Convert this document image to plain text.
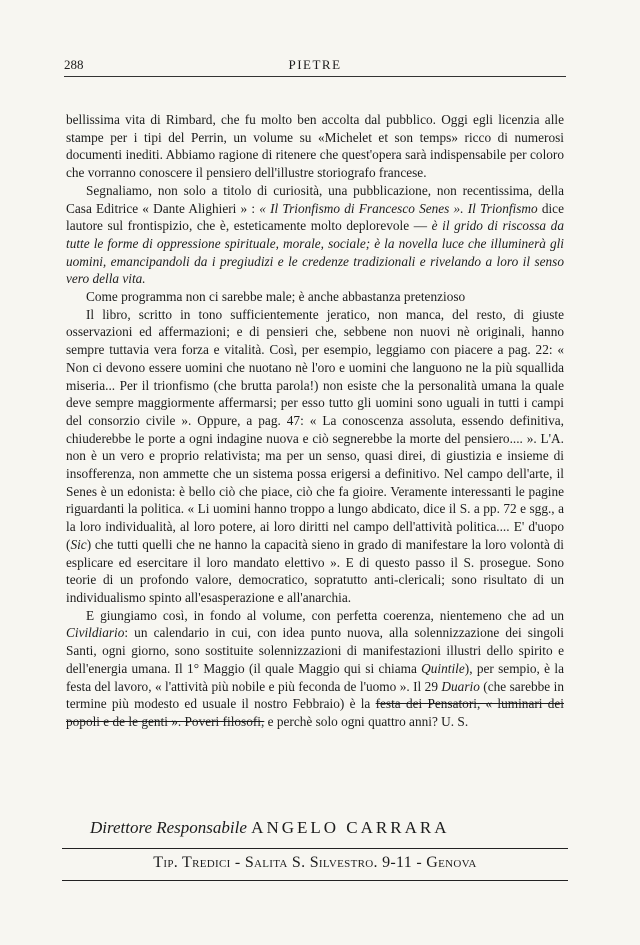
288	PIETRE

bellissima vita di Rimbard, che fu molto ben accolta dal pubblico. Oggi egli licenzia alle stampe per i tipi del Perrin, un volume su «Michelet et son temps» ricco di numerosi documenti inediti. Abbiamo ragione di ritenere che quest'opera sarà indispensabile per coloro che vorranno conoscere il pensiero dell'illustre storiografo francese.

Segnaliamo, non solo a titolo di curiosità, una pubblicazione, non recentissima, della Casa Editrice « Dante Alighieri » : « Il Trionfismo di Francesco Senes ». Il Trionfismo dice lautore sul frontispizio, che è, esteticamente molto deplorevole — è il grido di riscossa da tutte le forme di oppressione spirituale, morale, sociale; è la novella luce che illuminerà gli uomini, emancipandoli da i pregiudizi e le credenze tradizionali e rivelando a loro il senso vero della vita.

Come programma non ci sarebbe male; è anche abbastanza pretenzioso

Il libro, scritto in tono sufficientemente jeratico, non manca, del resto, di giuste osservazioni ed affermazioni; e di pensieri che, sebbene non nuovi nè originali, hanno sempre tuttavia vera forza e vitalità. Così, per esempio, leggiamo con piacere a pag. 22: « Non ci devono essere uomini che nuotano nè l'oro e uomini che languono ne la più squallida miseria... Per il trionfismo (che brutta parola!) non esiste che la personalità umana la quale deve sempre maggiormente affermarsi; per esso tutto gli uomini sono uguali in tutti i campi del consorzio civile ». Oppure, a pag. 47: « La conoscenza assoluta, essendo definitiva, chiuderebbe le porte a ogni indagine nuova e ciò segnerebbe la morte del pensiero.... ». L'A. non è un vero e proprio relativista; ma per un senso, quasi direi, di giustizia e insieme di insofferenza, non ammette che un sistema possa erigersi a definitivo. Nel campo dell'arte, il Senes è un edonista: è bello ciò che piace, ciò che fa gioire. Veramente interessanti le pagine riguardanti la politica. « Li uomini hanno troppo a lungo abdicato, dice il S. a pp. 72 e sgg., a la loro individualità, al loro potere, ai loro diritti nel campo dell'attività politica.... E' d'uopo (Sic) che tutti quelli che ne hanno la capacità sieno in grado di manifestare la loro volontà di esplicare ed esercitare il loro mandato elettivo ». E di questo passo il S. prosegue. Sono teorie di un profondo valore, democratico, sopratutto anti-clericali; sono risultato di un individualismo spinto all'esasperazione e all'anarchia.

E giungiamo così, in fondo al volume, con perfetta coerenza, nientemeno che ad un Civildiario: un calendario in cui, con idea punto nuova, alla solennizzazione dei singoli Santi, ogni giorno, sono sostituite solennizzazioni di manifestazioni illustri dello spirito e dell'energia umana. Il 1° Maggio (il quale Maggio qui si chiama Quintile), per sempio, è la festa del lavoro, « l'attività più nobile e più feconda de l'uomo ». Il 29 Duario (che sarebbe in termine più modesto ed usuale il nostro Febbraio) è la festa dei Pensatori, « luminari dei popoli e de le genti ». Poveri filosofi, e perchè solo ogni quattro anni? U. S.

Direttore Responsabile ANGELO CARRARA
Tip. Tredici - Salita S. Silvestro. 9-11 - Genova
